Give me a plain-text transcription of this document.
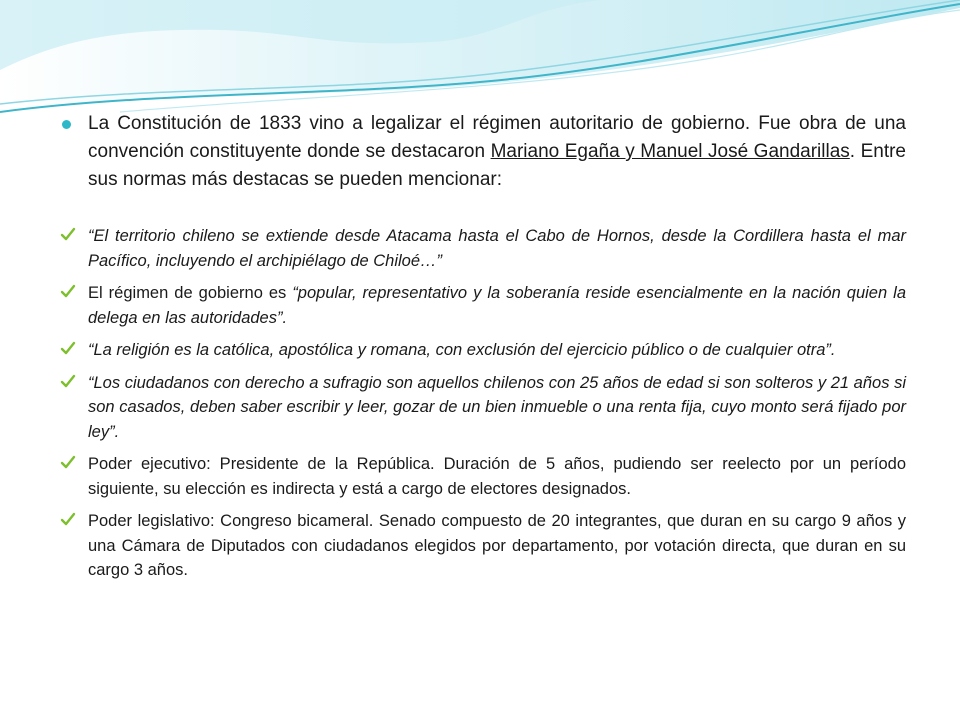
La Constitución de 1833 vino a legalizar el régimen autoritario de gobierno. Fue obra de una convención constituyente donde se destacaron Mariano Egaña y Manuel José Gandarillas. Entre sus normas más destacas se pueden mencionar:

“El territorio chileno se extiende desde Atacama hasta el Cabo de Hornos, desde la Cordillera hasta el mar Pacífico, incluyendo el archipiélago de Chiloé…”
El régimen de gobierno es “popular, representativo y la soberanía reside esencialmente en la nación quien la delega en las autoridades”.
“La religión es la católica, apostólica y romana, con exclusión del ejercicio público o de cualquier otra”.
“Los ciudadanos con derecho a sufragio son aquellos chilenos con 25 años de edad si son solteros y 21 años si son casados, deben saber escribir y leer, gozar de un bien inmueble o una renta fija, cuyo monto será fijado por ley”.
Poder ejecutivo: Presidente de la República. Duración de 5 años, pudiendo ser reelecto por un período siguiente, su elección es indirecta y está a cargo de electores designados.
Poder legislativo: Congreso bicameral. Senado compuesto de 20 integrantes, que duran en su cargo 9 años y una Cámara de Diputados con ciudadanos elegidos por departamento, por votación directa, que duran en su cargo 3 años.
